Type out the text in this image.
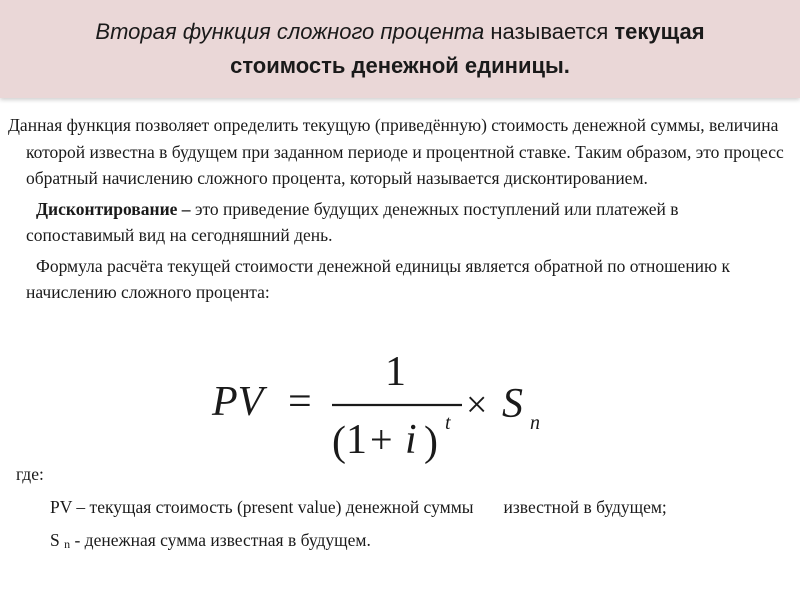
Вторая функция сложного процента называется текущая
стоимость денежной единицы.

Данная функция позволяет определить текущую (приведённую) стоимость денежной суммы, величина которой известна в будущем при заданном периоде и процентной ставке. Таким образом, это процесс обратный начислению сложного процента, который называется дисконтированием.

Дисконтирование – это приведение будущих денежных поступлений или платежей в сопоставимый вид на сегодняшний день.

Формула расчёта текущей стоимости денежной единицы является обратной по отношению к начислению сложного процента:

PV =
1
( 1 + i ) t × S n
где:

PV – текущая стоимость (present value) денежной суммы известной в будущем;

S n - денежная сумма известная в будущем.
